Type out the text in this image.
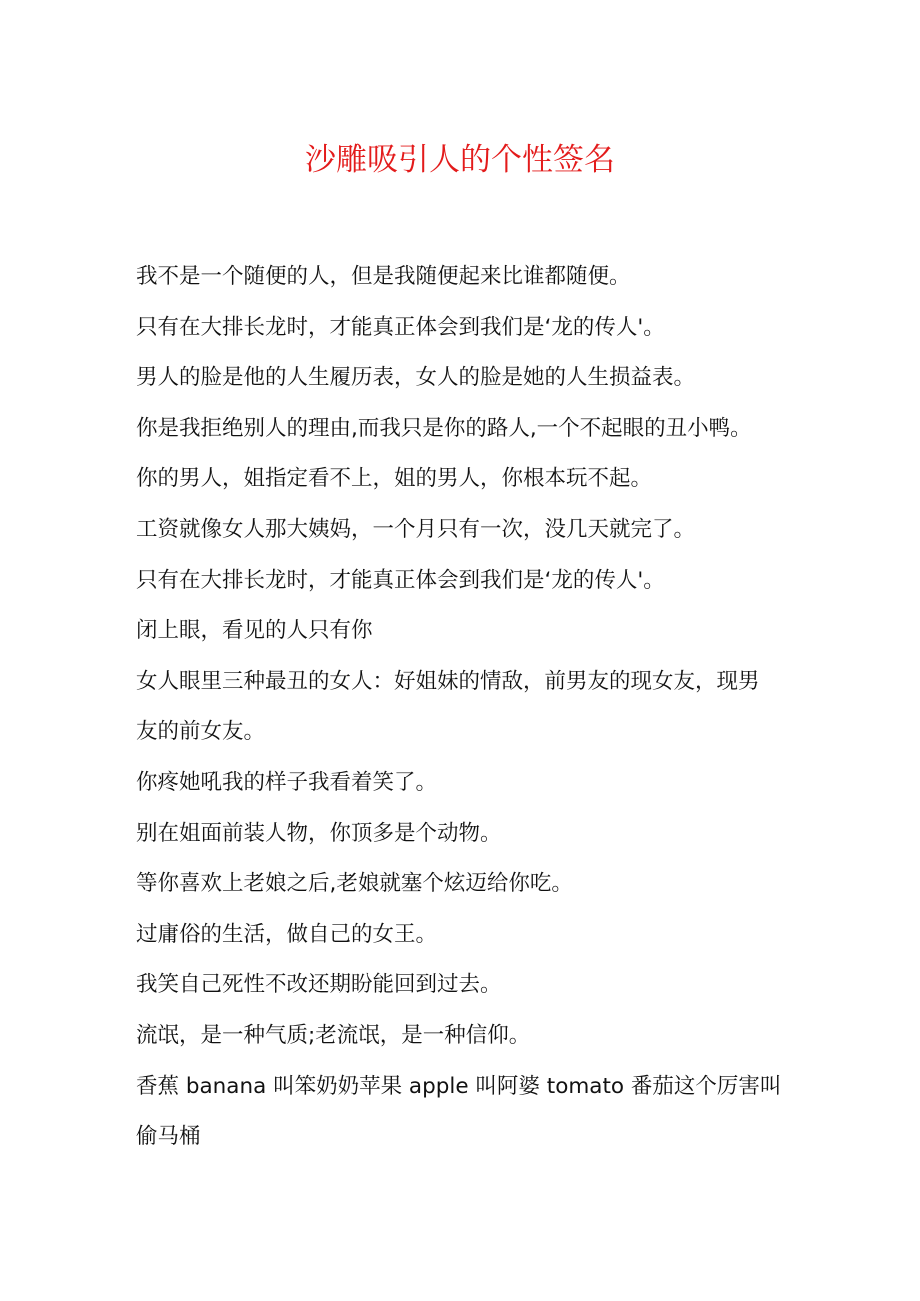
沙雕吸引人的个性签名
我不是一个随便的人，但是我随便起来比谁都随便。
只有在大排长龙时，才能真正体会到我们是‘龙的传人'。
男人的脸是他的人生履历表，女人的脸是她的人生损益表。
你是我拒绝别人的理由,而我只是你的路人,一个不起眼的丑小鸭。
你的男人，姐指定看不上，姐的男人，你根本玩不起。
工资就像女人那大姨妈，一个月只有一次，没几天就完了。
只有在大排长龙时，才能真正体会到我们是‘龙的传人'。
闭上眼，看见的人只有你
女人眼里三种最丑的女人：好姐妹的情敌，前男友的现女友，现男
友的前女友。
你疼她吼我的样子我看着笑了。
别在姐面前装人物，你顶多是个动物。
等你喜欢上老娘之后,老娘就塞个炫迈给你吃。
过庸俗的生活，做自己的女王。
我笑自己死性不改还期盼能回到过去。
流氓，是一种气质;老流氓，是一种信仰。
香蕉 banana 叫笨奶奶苹果 apple 叫阿婆 tomato 番茄这个厉害叫
偷马桶
